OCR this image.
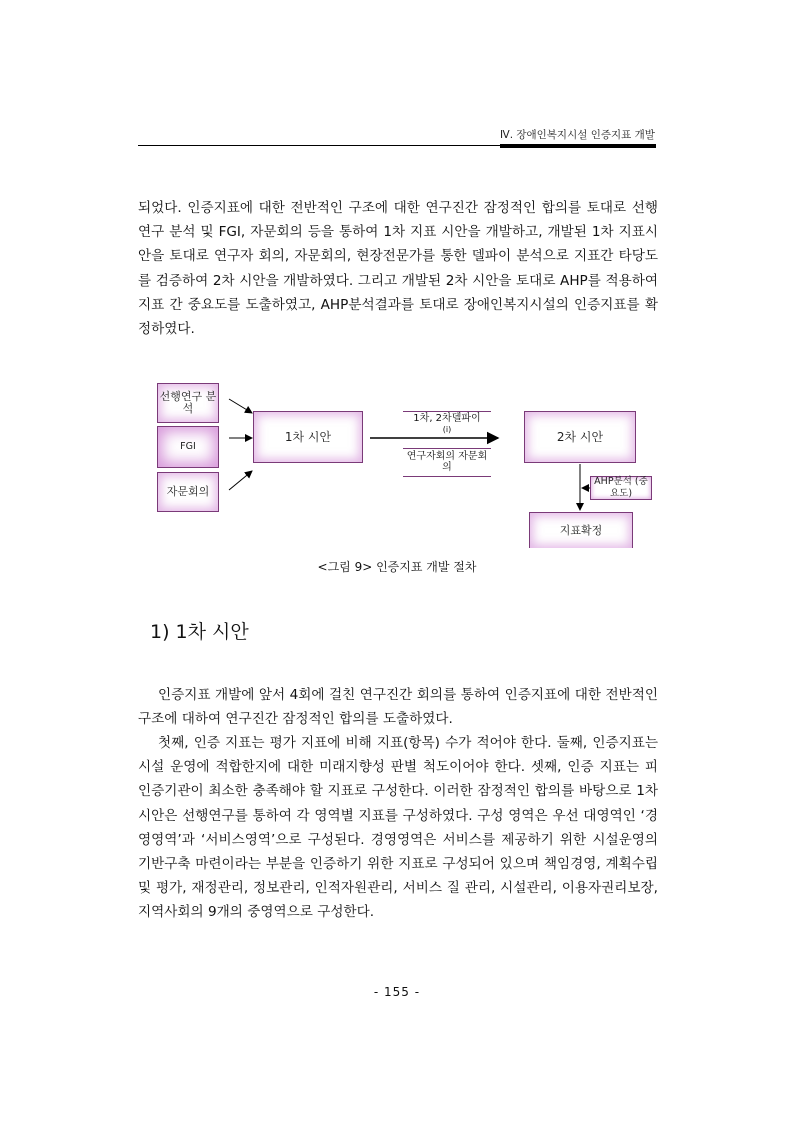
Ⅳ. 장애인복지시설 인증지표 개발

되었다. 인증지표에 대한 전반적인 구조에 대한 연구진간 잠정적인 합의를 토대로 선행연구 분석 및 FGI, 자문회의 등을 통하여 1차 지표 시안을 개발하고, 개발된 1차 지표시안을 토대로 연구자 회의, 자문회의, 현장전문가를 통한 델파이 분석으로 지표간 타당도를 검증하여 2차 시안을 개발하였다. 그리고 개발된 2차 시안을 토대로 AHP를 적용하여 지표 간 중요도를 도출하였고, AHP분석결과를 토대로 장애인복지시설의 인증지표를 확정하였다.

선행연구 분석
FGI
자문회의
1차 시안
1차, 2차델파이
(i)
연구자회의 자문회의
2차 시안
AHP분석 (중요도)
지표확정
<그림 9> 인증지표 개발 절차
1) 1차 시안

인증지표 개발에 앞서 4회에 걸친 연구진간 회의를 통하여 인증지표에 대한 전반적인 구조에 대하여 연구진간 잠정적인 합의를 도출하였다.

첫째, 인증 지표는 평가 지표에 비해 지표(항목) 수가 적어야 한다. 둘째, 인증지표는 시설 운영에 적합한지에 대한 미래지향성 판별 척도이어야 한다. 셋째, 인증 지표는 피 인증기관이 최소한 충족해야 할 지표로 구성한다. 이러한 잠정적인 합의를 바탕으로 1차 시안은 선행연구를 통하여 각 영역별 지표를 구성하였다. 구성 영역은 우선 대영역인 ‘경영영역’과 ‘서비스영역’으로 구성된다. 경영영역은 서비스를 제공하기 위한 시설운영의 기반구축 마련이라는 부분을 인증하기 위한 지표로 구성되어 있으며 책임경영, 계획수립 및 평가, 재정관리, 정보관리, 인적자원관리, 서비스 질 관리, 시설관리, 이용자권리보장, 지역사회의 9개의 중영역으로 구성한다.

- 155 -
